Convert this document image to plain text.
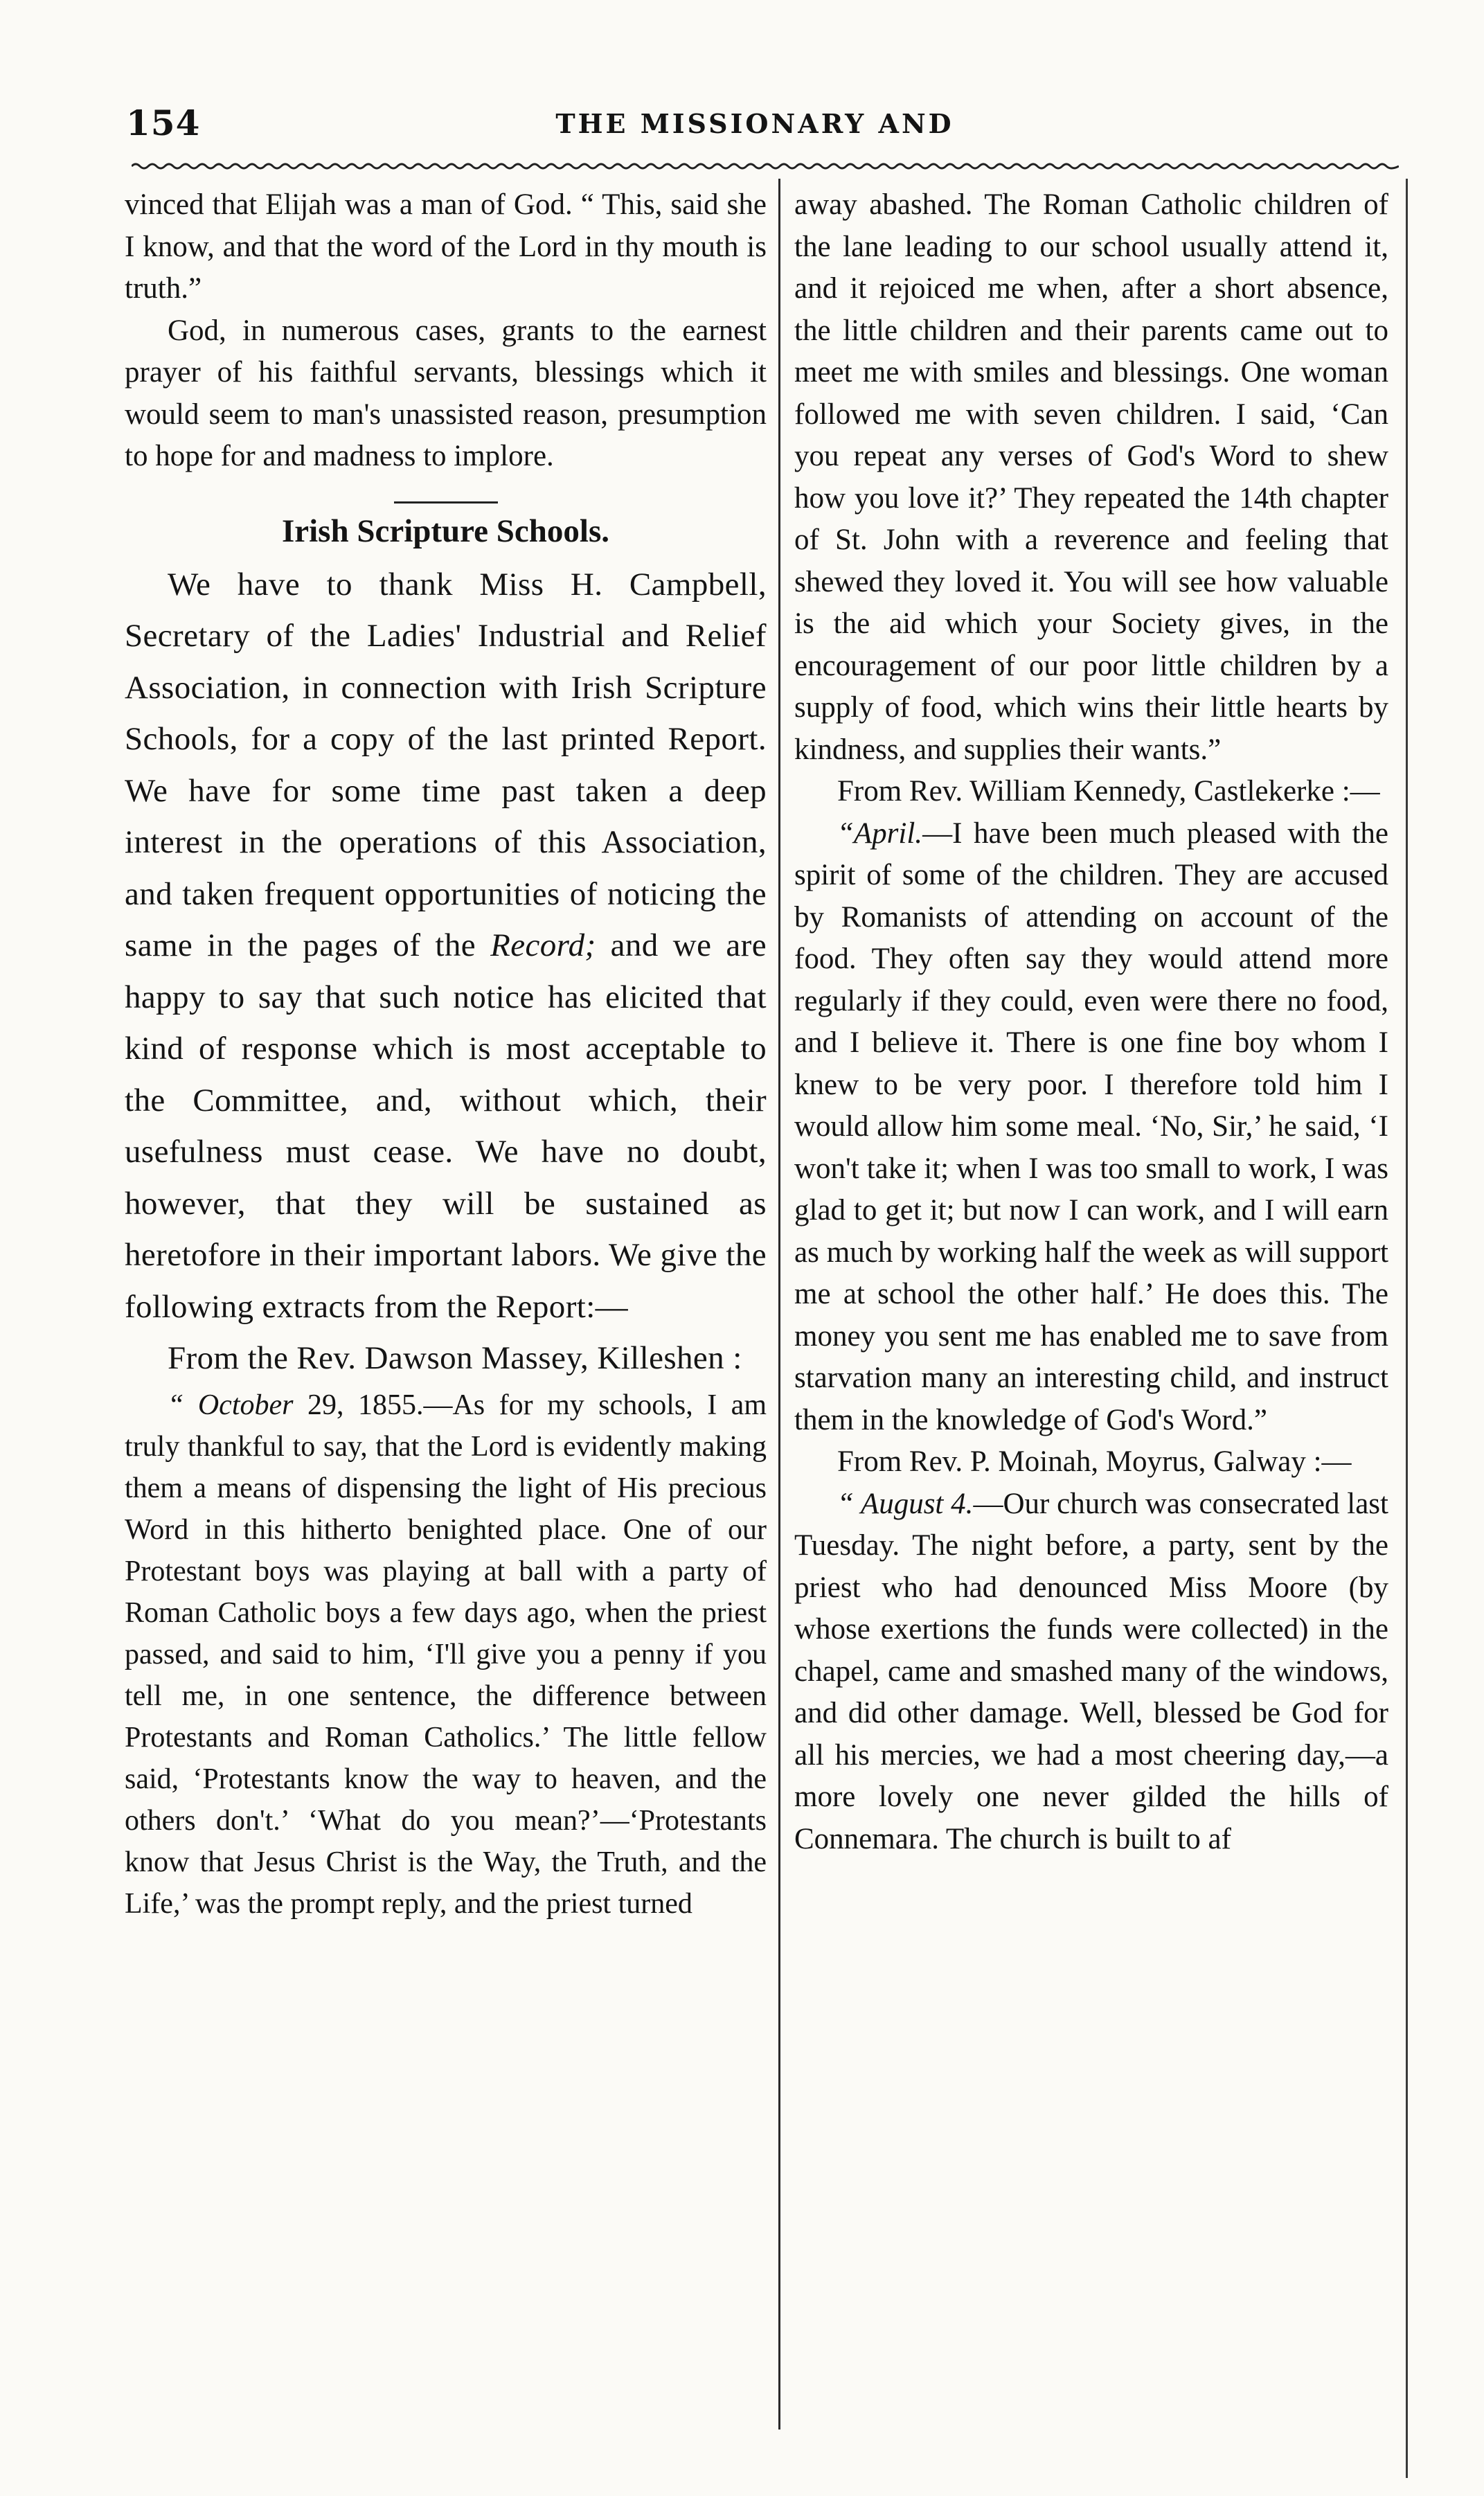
154	THE MISSIONARY AND

vinced that Elijah was a man of God. “ This, said she I know, and that the word of the Lord in thy mouth is truth.”

God, in numerous cases, grants to the earnest prayer of his faithful servants, blessings which it would seem to man's unassisted reason, presumption to hope for and madness to implore.

Irish Scripture Schools.

We have to thank Miss H. Campbell, Secretary of the Ladies' Industrial and Relief Association, in connection with Irish Scripture Schools, for a copy of the last printed Report. We have for some time past taken a deep interest in the operations of this Association, and taken frequent opportunities of noticing the same in the pages of the Record; and we are happy to say that such notice has elicited that kind of response which is most acceptable to the Committee, and, without which, their usefulness must cease. We have no doubt, however, that they will be sustained as heretofore in their important labors. We give the following extracts from the Report:—

From the Rev. Dawson Massey, Killeshen :

“ October 29, 1855.—As for my schools, I am truly thankful to say, that the Lord is evidently making them a means of dispensing the light of His precious Word in this hitherto benighted place. One of our Protestant boys was playing at ball with a party of Roman Catholic boys a few days ago, when the priest passed, and said to him, ‘I'll give you a penny if you tell me, in one sentence, the difference between Protestants and Roman Catholics.’ The little fellow said, ‘Protestants know the way to heaven, and the others don't.’ ‘What do you mean?’—‘Protestants know that Jesus Christ is the Way, the Truth, and the Life,’ was the prompt reply, and the priest turned

away abashed. The Roman Catholic children of the lane leading to our school usually attend it, and it rejoiced me when, after a short absence, the little children and their parents came out to meet me with smiles and blessings. One woman followed me with seven children. I said, ‘Can you repeat any verses of God's Word to shew how you love it?’ They repeated the 14th chapter of St. John with a reverence and feeling that shewed they loved it. You will see how valuable is the aid which your Society gives, in the encouragement of our poor little children by a supply of food, which wins their little hearts by kindness, and supplies their wants.”

From Rev. William Kennedy, Castlekerke :—

“April.—I have been much pleased with the spirit of some of the children. They are accused by Romanists of attending on account of the food. They often say they would attend more regularly if they could, even were there no food, and I believe it. There is one fine boy whom I knew to be very poor. I therefore told him I would allow him some meal. ‘No, Sir,’ he said, ‘I won't take it; when I was too small to work, I was glad to get it; but now I can work, and I will earn as much by working half the week as will support me at school the other half.’ He does this. The money you sent me has enabled me to save from starvation many an interesting child, and instruct them in the knowledge of God's Word.”

From Rev. P. Moinah, Moyrus, Galway :—

“ August 4.—Our church was consecrated last Tuesday. The night before, a party, sent by the priest who had denounced Miss Moore (by whose exertions the funds were collected) in the chapel, came and smashed many of the windows, and did other damage. Well, blessed be God for all his mercies, we had a most cheering day,—a more lovely one never gilded the hills of Connemara. The church is built to af
